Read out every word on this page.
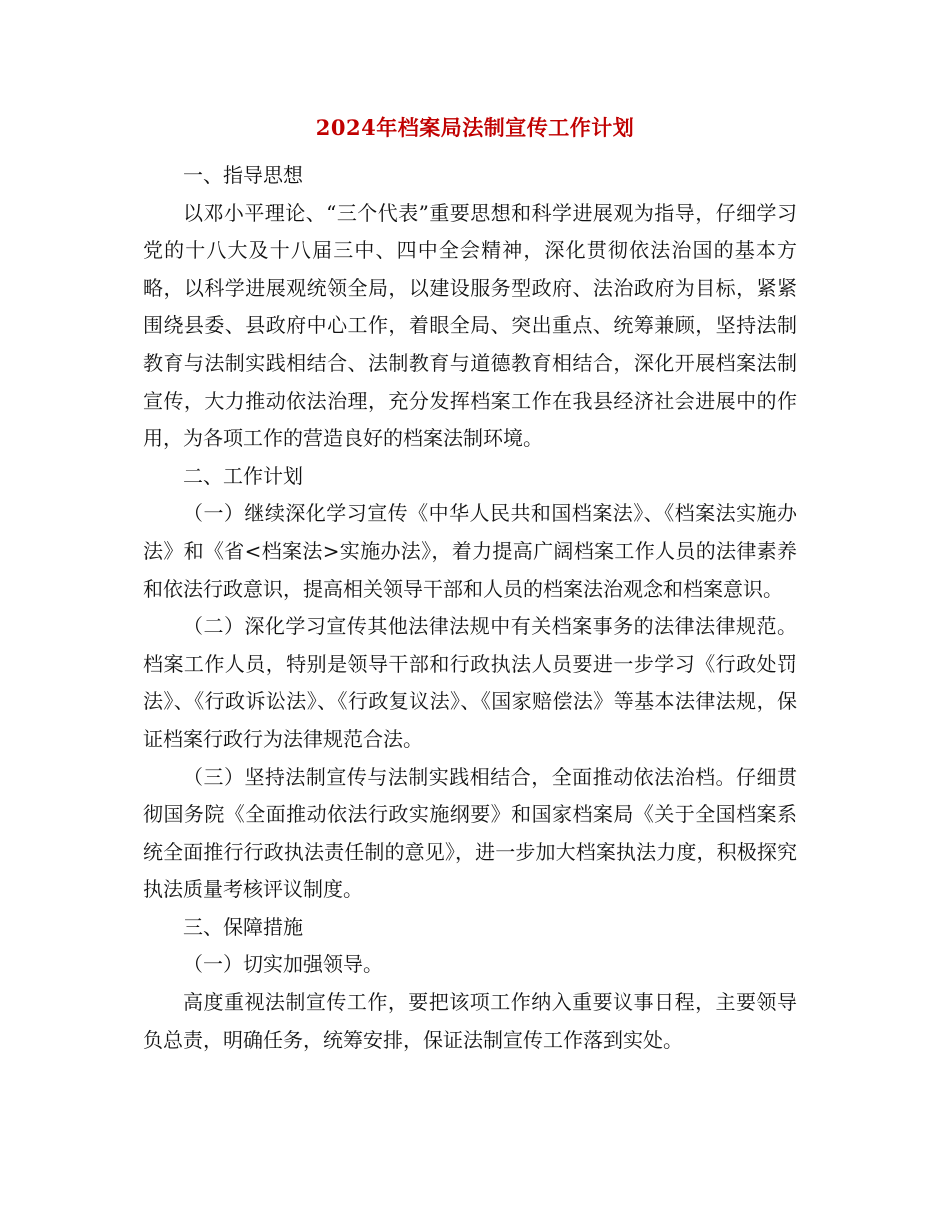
2024年档案局法制宣传工作计划

一、指导思想

以邓小平理论、“三个代表”重要思想和科学进展观为指导，仔细学习党的十八大及十八届三中、四中全会精神，深化贯彻依法治国的基本方略，以科学进展观统领全局，以建设服务型政府、法治政府为目标，紧紧围绕县委、县政府中心工作，着眼全局、突出重点、统筹兼顾，坚持法制教育与法制实践相结合、法制教育与道德教育相结合，深化开展档案法制宣传，大力推动依法治理，充分发挥档案工作在我县经济社会进展中的作用，为各项工作的营造良好的档案法制环境。

二、工作计划

（一）继续深化学习宣传《中华人民共和国档案法》、《档案法实施办法》和《省<档案法>实施办法》，着力提高广阔档案工作人员的法律素养和依法行政意识，提高相关领导干部和人员的档案法治观念和档案意识。

（二）深化学习宣传其他法律法规中有关档案事务的法律法律规范。档案工作人员，特别是领导干部和行政执法人员要进一步学习《行政处罚法》、《行政诉讼法》、《行政复议法》、《国家赔偿法》等基本法律法规，保证档案行政行为法律规范合法。

（三）坚持法制宣传与法制实践相结合，全面推动依法治档。仔细贯彻国务院《全面推动依法行政实施纲要》和国家档案局《关于全国档案系统全面推行行政执法责任制的意见》，进一步加大档案执法力度，积极探究执法质量考核评议制度。

三、保障措施

（一）切实加强领导。

高度重视法制宣传工作，要把该项工作纳入重要议事日程，主要领导负总责，明确任务，统筹安排，保证法制宣传工作落到实处。
